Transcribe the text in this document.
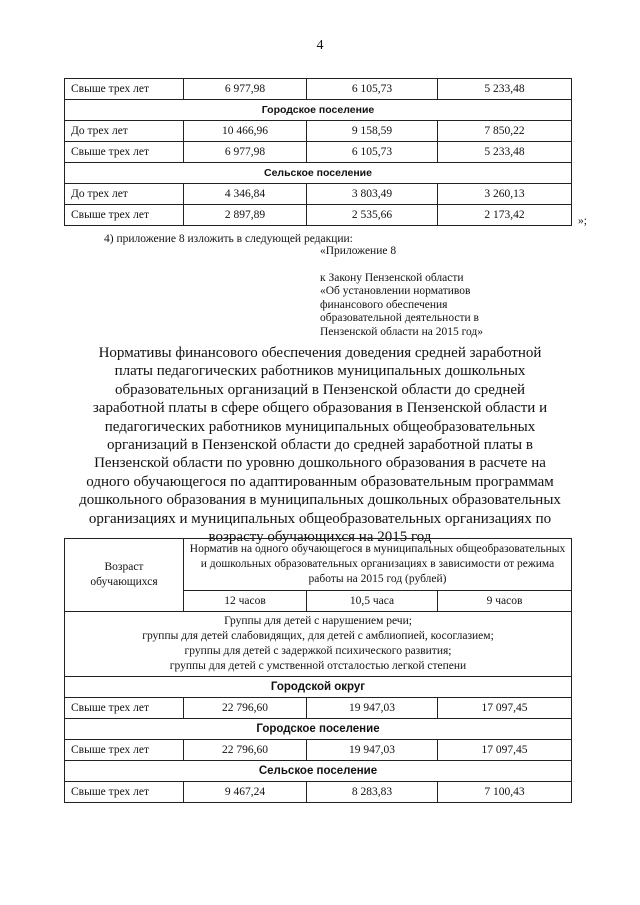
4
Свыше трех лет	6 977,98	6 105,73	5 233,48
Городское поселение			
До трех лет	10 466,96	9 158,59	7 850,22
Свыше трех лет	6 977,98	6 105,73	5 233,48
Сельское поселение			
До трех лет	4 346,84	3 803,49	3 260,13
Свыше трех лет	2 897,89	2 535,66	2 173,42	»;
4) приложение 8 изложить в следующей редакции:
«Приложение 8
к Закону Пензенской области
«Об установлении нормативов
финансового обеспечения
образовательной деятельности в
Пензенской области на 2015 год»
Нормативы финансового обеспечения доведения средней заработной
платы педагогических работников муниципальных дошкольных
образовательных организаций в Пензенской области до средней
заработной платы в сфере общего образования в Пензенской области и
педагогических работников муниципальных общеобразовательных
организаций в Пензенской области до средней заработной платы в
Пензенской области по уровню дошкольного образования в расчете на
одного обучающегося по адаптированным образовательным программам
дошкольного образования в муниципальных дошкольных образовательных
организациях и муниципальных общеобразовательных организациях по
возрасту обучающихся на 2015 год
Возраст обучающихся	Норматив на одного обучающегося в муниципальных общеобразовательных и дошкольных образовательных организациях в зависимости от режима работы на 2015 год (рублей)		
	12 часов	10,5 часа	9 часов

Группы для детей с нарушением речи;
группы для детей слабовидящих, для детей с амблиопией, косоглазием;
группы для детей с задержкой психического развития;
группы для детей с умственной отсталостью легкой степени			

Городской округ			
Свыше трех лет	22 796,60	19 947,03	17 097,45
Городское поселение			
Свыше трех лет	22 796,60	19 947,03	17 097,45
Сельское поселение			
Свыше трех лет	9 467,24	8 283,83	7 100,43
